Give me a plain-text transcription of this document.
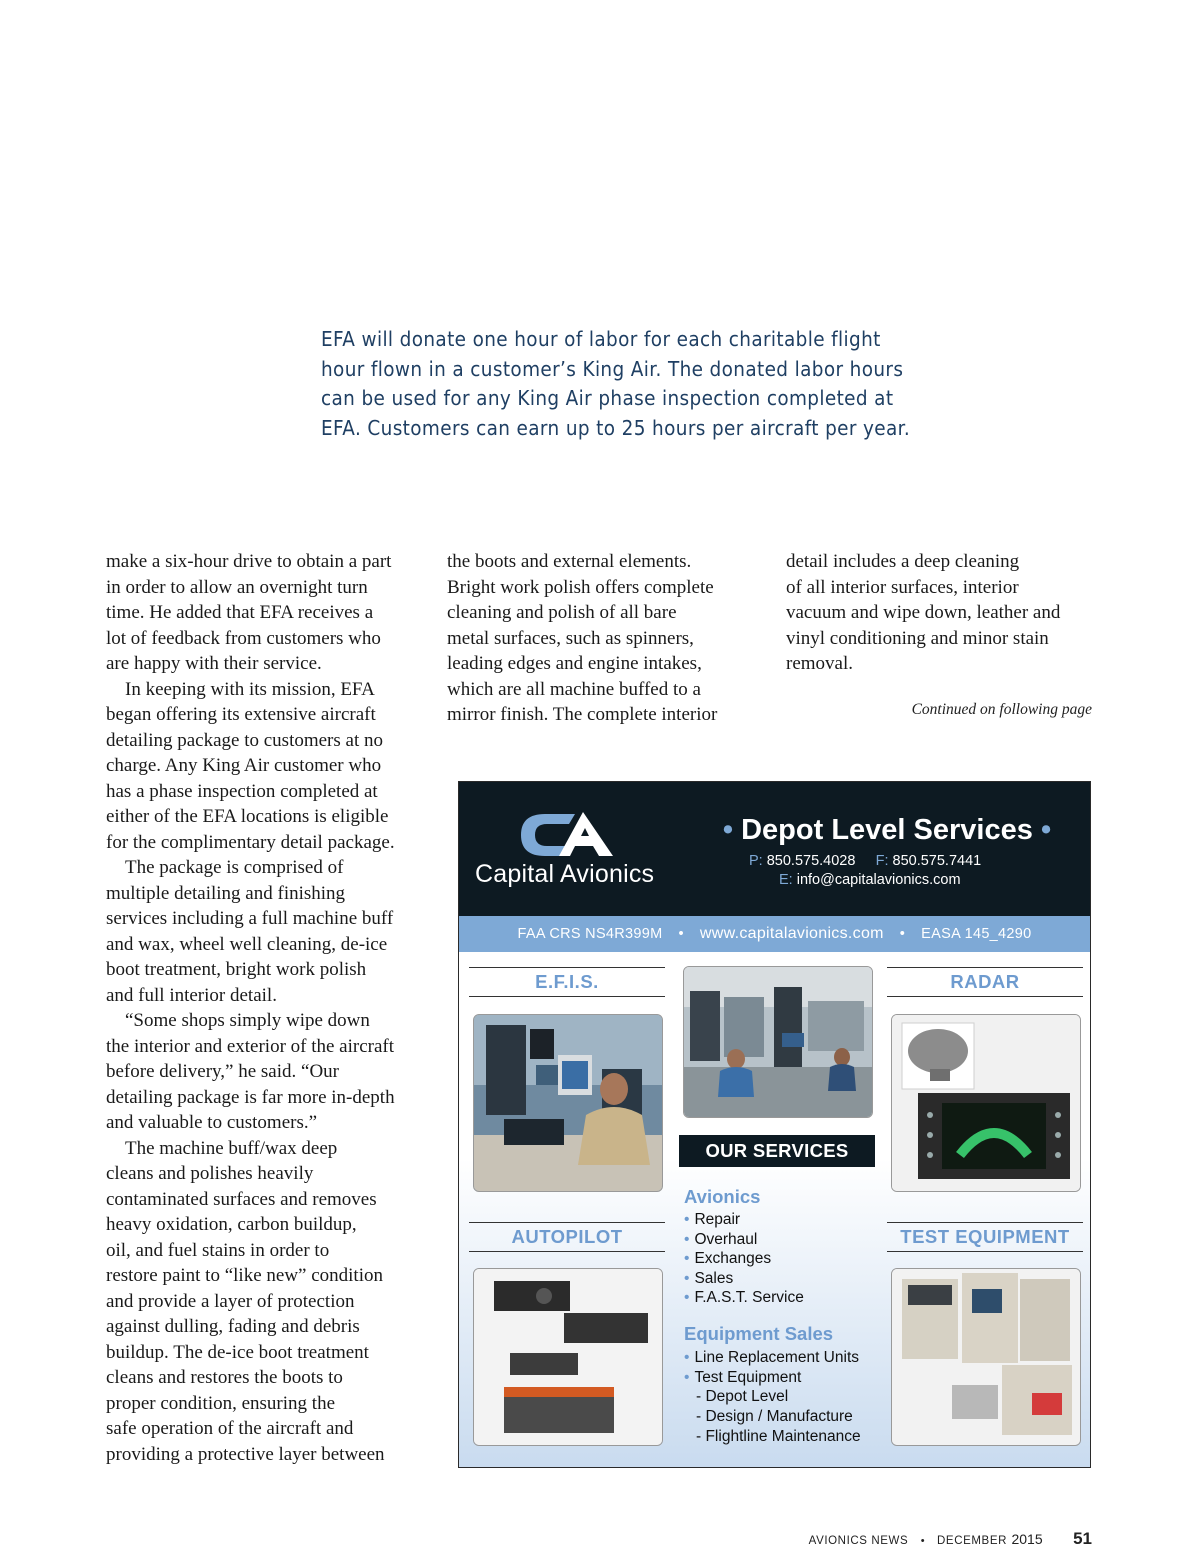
EFA will donate one hour of labor for each charitable flight
hour flown in a customer’s King Air. The donated labor hours
can be used for any King Air phase inspection completed at
EFA. Customers can earn up to 25 hours per aircraft per year.
make a six-hour drive to obtain a part
in order to allow an overnight turn
time. He added that EFA receives a
lot of feedback from customers who
are happy with their service.
In keeping with its mission, EFA
began offering its extensive aircraft
detailing package to customers at no
charge. Any King Air customer who
has a phase inspection completed at
either of the EFA locations is eligible
for the complimentary detail package.
The package is comprised of
multiple detailing and finishing
services including a full machine buff
and wax, wheel well cleaning, de-ice
boot treatment, bright work polish
and full interior detail.
“Some shops simply wipe down
the interior and exterior of the aircraft
before delivery,” he said. “Our
detailing package is far more in-depth
and valuable to customers.”
The machine buff/wax deep
cleans and polishes heavily
contaminated surfaces and removes
heavy oxidation, carbon buildup,
oil, and fuel stains in order to
restore paint to “like new” condition
and provide a layer of protection
against dulling, fading and debris
buildup. The de-ice boot treatment
cleans and restores the boots to
proper condition, ensuring the
safe operation of the aircraft and
providing a protective layer between
the boots and external elements.
Bright work polish offers complete
cleaning and polish of all bare
metal surfaces, such as spinners,
leading edges and engine intakes,
which are all machine buffed to a
mirror finish. The complete interior
detail includes a deep cleaning
of all interior surfaces, interior
vacuum and wipe down, leather and
vinyl conditioning and minor stain
removal.
Continued on following page
Capital Avionics
• Depot Level Services •
P: 850.575.4028 F: 850.575.7441
E: info@capitalavionics.com
FAA CRS NS4R399M • www.capitalavionics.com • EASA 145_4290
E.F.I.S.	RADAR
AUTOPILOT	TEST EQUIPMENT
OUR SERVICES
Avionics
• Repair
• Overhaul
• Exchanges
• Sales
• F.A.S.T. Service
Equipment Sales
• Line Replacement Units
• Test Equipment
- Depot Level
- Design / Manufacture
- Flightline Maintenance
AVIONICS NEWS • DECEMBER 2015 51
